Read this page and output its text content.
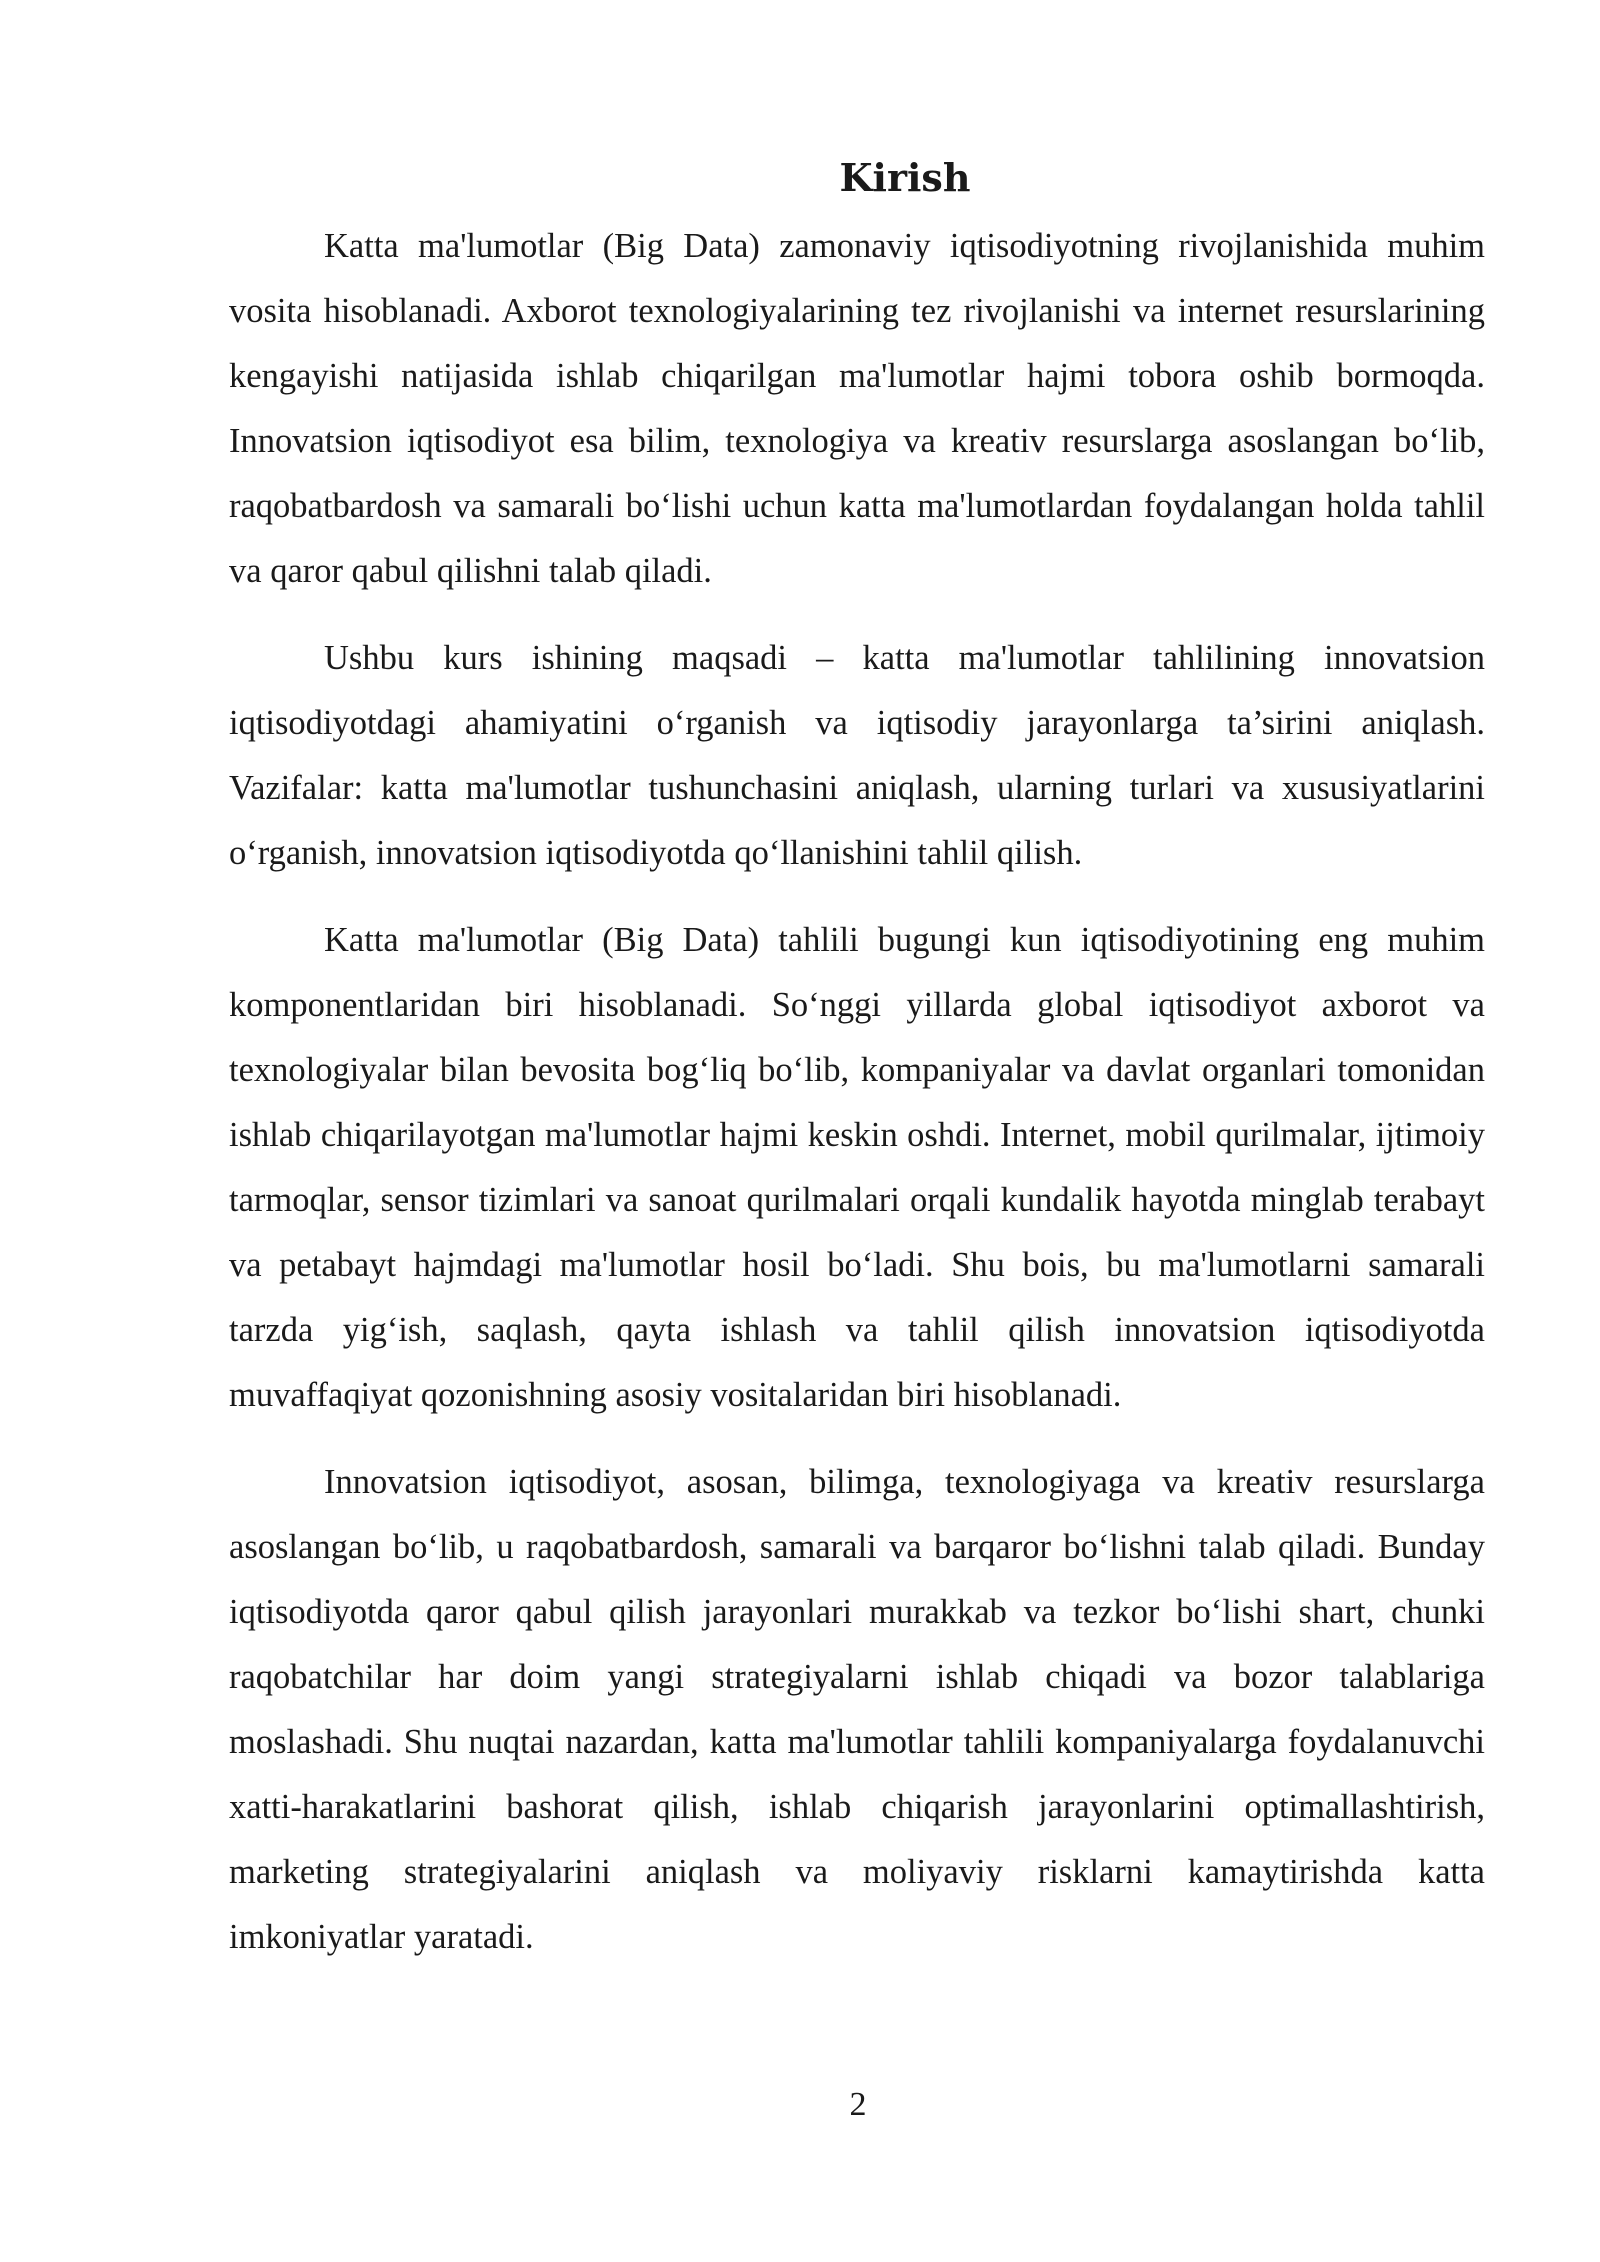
Kirish

Katta ma'lumotlar (Big Data) zamonaviy iqtisodiyotning rivojlanishida muhim vosita hisoblanadi. Axborot texnologiyalarining tez rivojlanishi va internet resurslarining kengayishi natijasida ishlab chiqarilgan ma'lumotlar hajmi tobora oshib bormoqda. Innovatsion iqtisodiyot esa bilim, texnologiya va kreativ resurslarga asoslangan bo‘lib, raqobatbardosh va samarali bo‘lishi uchun katta ma'lumotlardan foydalangan holda tahlil va qaror qabul qilishni talab qiladi.

Ushbu kurs ishining maqsadi – katta ma'lumotlar tahlilining innovatsion iqtisodiyotdagi ahamiyatini o‘rganish va iqtisodiy jarayonlarga ta’sirini aniqlash. Vazifalar: katta ma'lumotlar tushunchasini aniqlash, ularning turlari va xususiyatlarini o‘rganish, innovatsion iqtisodiyotda qo‘llanishini tahlil qilish.

Katta ma'lumotlar (Big Data) tahlili bugungi kun iqtisodiyotining eng muhim komponentlaridan biri hisoblanadi. So‘nggi yillarda global iqtisodiyot axborot va texnologiyalar bilan bevosita bog‘liq bo‘lib, kompaniyalar va davlat organlari tomonidan ishlab chiqarilayotgan ma'lumotlar hajmi keskin oshdi. Internet, mobil qurilmalar, ijtimoiy tarmoqlar, sensor tizimlari va sanoat qurilmalari orqali kundalik hayotda minglab terabayt va petabayt hajmdagi ma'lumotlar hosil bo‘ladi. Shu bois, bu ma'lumotlarni samarali tarzda yig‘ish, saqlash, qayta ishlash va tahlil qilish innovatsion iqtisodiyotda muvaffaqiyat qozonishning asosiy vositalaridan biri hisoblanadi.

Innovatsion iqtisodiyot, asosan, bilimga, texnologiyaga va kreativ resurslarga asoslangan bo‘lib, u raqobatbardosh, samarali va barqaror bo‘lishni talab qiladi. Bunday iqtisodiyotda qaror qabul qilish jarayonlari murakkab va tezkor bo‘lishi shart, chunki raqobatchilar har doim yangi strategiyalarni ishlab chiqadi va bozor talablariga moslashadi. Shu nuqtai nazardan, katta ma'lumotlar tahlili kompaniyalarga foydalanuvchi xatti-harakatlarini bashorat qilish, ishlab chiqarish jarayonlarini optimallashtirish, marketing strategiyalarini aniqlash va moliyaviy risklarni kamaytirishda katta imkoniyatlar yaratadi.

2
